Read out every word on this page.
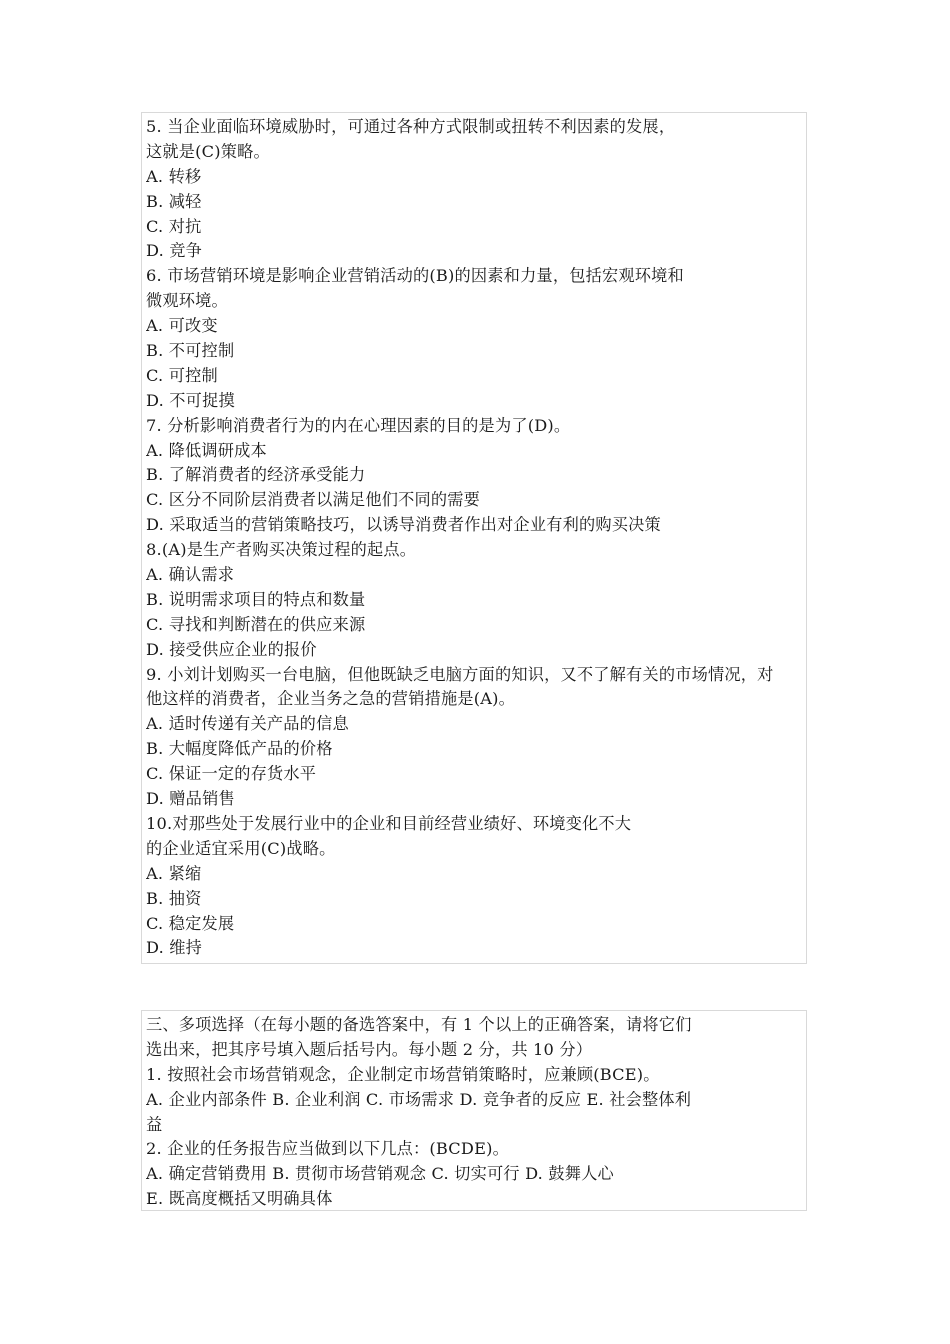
5. 当企业面临环境威胁时，可通过各种方式限制或扭转不利因素的发展，
这就是(C)策略。
A. 转移
B. 减轻
C. 对抗
D. 竞争
6. 市场营销环境是影响企业营销活动的(B)的因素和力量，包括宏观环境和
微观环境。
A. 可改变
B. 不可控制
C. 可控制
D. 不可捉摸
7. 分析影响消费者行为的内在心理因素的目的是为了(D)。
A. 降低调研成本
B. 了解消费者的经济承受能力
C. 区分不同阶层消费者以满足他们不同的需要
D. 采取适当的营销策略技巧，以诱导消费者作出对企业有利的购买决策
8.(A)是生产者购买决策过程的起点。
A. 确认需求
B. 说明需求项目的特点和数量
C. 寻找和判断潜在的供应来源
D. 接受供应企业的报价
9. 小刘计划购买一台电脑，但他既缺乏电脑方面的知识，又不了解有关的市场情况，对
他这样的消费者，企业当务之急的营销措施是(A)。
A. 适时传递有关产品的信息
B. 大幅度降低产品的价格
C. 保证一定的存货水平
D. 赠品销售
10.对那些处于发展行业中的企业和目前经营业绩好、环境变化不大
的企业适宜采用(C)战略。
A. 紧缩
B. 抽资
C. 稳定发展
D. 维持
三、多项选择（在每小题的备选答案中，有 1 个以上的正确答案，请将它们
选出来，把其序号填入题后括号内。每小题 2 分，共 10 分）
1. 按照社会市场营销观念，企业制定市场营销策略时，应兼顾(BCE)。
A. 企业内部条件 B. 企业利润 C. 市场需求 D. 竞争者的反应 E. 社会整体利
益
2. 企业的任务报告应当做到以下几点：(BCDE)。
A. 确定营销费用 B. 贯彻市场营销观念 C. 切实可行 D. 鼓舞人心
E. 既高度概括又明确具体
